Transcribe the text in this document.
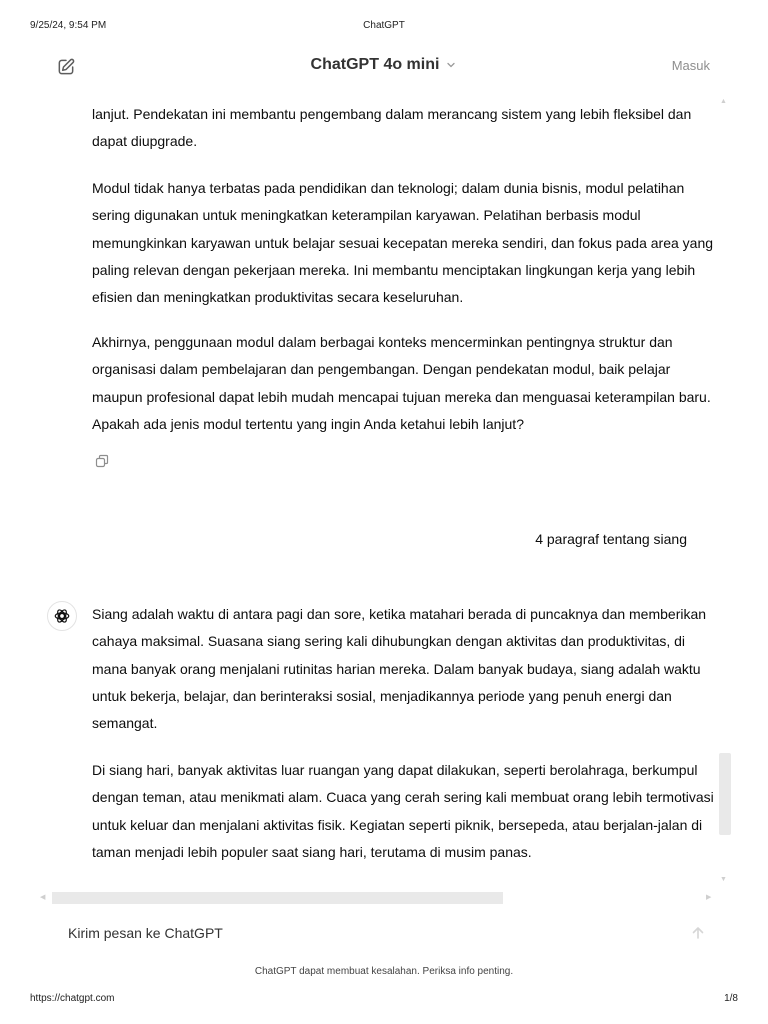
9/25/24, 9:54 PM	ChatGPT
ChatGPT 4o mini	Masuk

lanjut. Pendekatan ini membantu pengembang dalam merancang sistem yang lebih fleksibel dan dapat diupgrade.

Modul tidak hanya terbatas pada pendidikan dan teknologi; dalam dunia bisnis, modul pelatihan sering digunakan untuk meningkatkan keterampilan karyawan. Pelatihan berbasis modul memungkinkan karyawan untuk belajar sesuai kecepatan mereka sendiri, dan fokus pada area yang paling relevan dengan pekerjaan mereka. Ini membantu menciptakan lingkungan kerja yang lebih efisien dan meningkatkan produktivitas secara keseluruhan.

Akhirnya, penggunaan modul dalam berbagai konteks mencerminkan pentingnya struktur dan organisasi dalam pembelajaran dan pengembangan. Dengan pendekatan modul, baik pelajar maupun profesional dapat lebih mudah mencapai tujuan mereka dan menguasai keterampilan baru. Apakah ada jenis modul tertentu yang ingin Anda ketahui lebih lanjut?

4 paragraf tentang siang

Siang adalah waktu di antara pagi dan sore, ketika matahari berada di puncaknya dan memberikan cahaya maksimal. Suasana siang sering kali dihubungkan dengan aktivitas dan produktivitas, di mana banyak orang menjalani rutinitas harian mereka. Dalam banyak budaya, siang adalah waktu untuk bekerja, belajar, dan berinteraksi sosial, menjadikannya periode yang penuh energi dan semangat.

Di siang hari, banyak aktivitas luar ruangan yang dapat dilakukan, seperti berolahraga, berkumpul dengan teman, atau menikmati alam. Cuaca yang cerah sering kali membuat orang lebih termotivasi untuk keluar dan menjalani aktivitas fisik. Kegiatan seperti piknik, bersepeda, atau berjalan-jalan di taman menjadi lebih populer saat siang hari, terutama di musim panas.

▲
▼
◀	▶
Kirim pesan ke ChatGPT
ChatGPT dapat membuat kesalahan. Periksa info penting.
https://chatgpt.com	1/8
